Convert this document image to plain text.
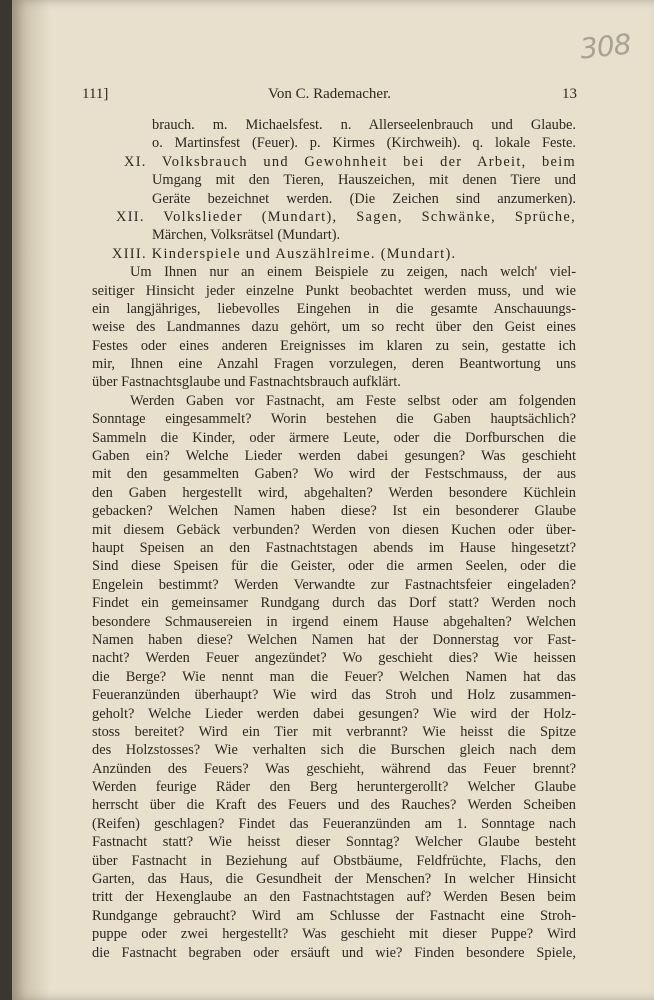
308
111]	Von C. Rademacher.	13
brauch. m. Michaelsfest. n. Allerseelenbrauch und Glaube.
o. Martinsfest (Feuer). p. Kirmes (Kirchweih). q. lokale Feste.
XI. Volksbrauch und Gewohnheit bei der Arbeit, beim
Umgang mit den Tieren, Hauszeichen, mit denen Tiere und
Geräte bezeichnet werden. (Die Zeichen sind anzumerken).
XII. Volkslieder (Mundart), Sagen, Schwänke, Sprüche,
Märchen, Volksrätsel (Mundart).
XIII. Kinderspiele und Auszählreime. (Mundart).
Um Ihnen nur an einem Beispiele zu zeigen, nach welch' viel-
seitiger Hinsicht jeder einzelne Punkt beobachtet werden muss, und wie
ein langjähriges, liebevolles Eingehen in die gesamte Anschauungs-
weise des Landmannes dazu gehört, um so recht über den Geist eines
Festes oder eines anderen Ereignisses im klaren zu sein, gestatte ich
mir, Ihnen eine Anzahl Fragen vorzulegen, deren Beantwortung uns
über Fastnachtsglaube und Fastnachtsbrauch aufklärt.
Werden Gaben vor Fastnacht, am Feste selbst oder am folgenden
Sonntage eingesammelt? Worin bestehen die Gaben hauptsächlich?
Sammeln die Kinder, oder ärmere Leute, oder die Dorfburschen die
Gaben ein? Welche Lieder werden dabei gesungen? Was geschieht
mit den gesammelten Gaben? Wo wird der Festschmauss, der aus
den Gaben hergestellt wird, abgehalten? Werden besondere Küchlein
gebacken? Welchen Namen haben diese? Ist ein besonderer Glaube
mit diesem Gebäck verbunden? Werden von diesen Kuchen oder über-
haupt Speisen an den Fastnachtstagen abends im Hause hingesetzt?
Sind diese Speisen für die Geister, oder die armen Seelen, oder die
Engelein bestimmt? Werden Verwandte zur Fastnachtsfeier eingeladen?
Findet ein gemeinsamer Rundgang durch das Dorf statt? Werden noch
besondere Schmausereien in irgend einem Hause abgehalten? Welchen
Namen haben diese? Welchen Namen hat der Donnerstag vor Fast-
nacht? Werden Feuer angezündet? Wo geschieht dies? Wie heissen
die Berge? Wie nennt man die Feuer? Welchen Namen hat das
Feueranzünden überhaupt? Wie wird das Stroh und Holz zusammen-
geholt? Welche Lieder werden dabei gesungen? Wie wird der Holz-
stoss bereitet? Wird ein Tier mit verbrannt? Wie heisst die Spitze
des Holzstosses? Wie verhalten sich die Burschen gleich nach dem
Anzünden des Feuers? Was geschieht, während das Feuer brennt?
Werden feurige Räder den Berg heruntergerollt? Welcher Glaube
herrscht über die Kraft des Feuers und des Rauches? Werden Scheiben
(Reifen) geschlagen? Findet das Feueranzünden am 1. Sonntage nach
Fastnacht statt? Wie heisst dieser Sonntag? Welcher Glaube besteht
über Fastnacht in Beziehung auf Obstbäume, Feldfrüchte, Flachs, den
Garten, das Haus, die Gesundheit der Menschen? In welcher Hinsicht
tritt der Hexenglaube an den Fastnachtstagen auf? Werden Besen beim
Rundgange gebraucht? Wird am Schlusse der Fastnacht eine Stroh-
puppe oder zwei hergestellt? Was geschieht mit dieser Puppe? Wird
die Fastnacht begraben oder ersäuft und wie? Finden besondere Spiele,
